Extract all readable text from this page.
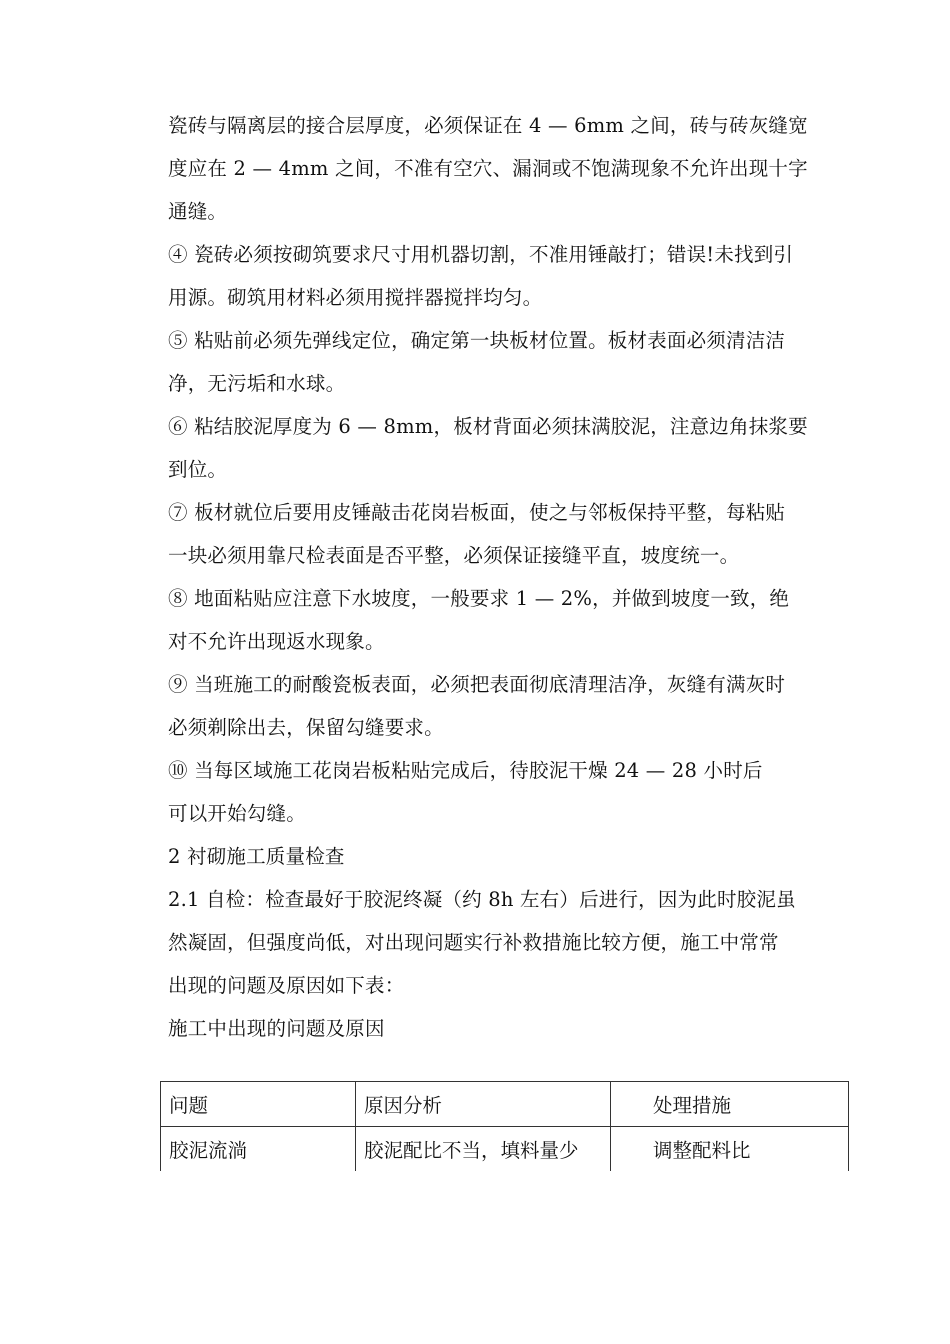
瓷砖与隔离层的接合层厚度，必须保证在 4 — 6mm 之间，砖与砖灰缝宽
度应在 2 — 4mm 之间，不准有空穴、漏洞或不饱满现象不允许出现十字
通缝。

④ 瓷砖必须按砌筑要求尺寸用机器切割，不准用锤敲打；错误!未找到引
用源。砌筑用材料必须用搅拌器搅拌均匀。

⑤ 粘贴前必须先弹线定位，确定第一块板材位置。板材表面必须清洁洁
净，无污垢和水球。

⑥ 粘结胶泥厚度为 6 — 8mm，板材背面必须抹满胶泥，注意边角抹浆要
到位。

⑦ 板材就位后要用皮锤敲击花岗岩板面，使之与邻板保持平整，每粘贴
一块必须用靠尺检表面是否平整，必须保证接缝平直，坡度统一。

⑧ 地面粘贴应注意下水坡度，一般要求 1 — 2%，并做到坡度一致，绝
对不允许出现返水现象。

⑨ 当班施工的耐酸瓷板表面，必须把表面彻底清理洁净，灰缝有满灰时
必须剃除出去，保留勾缝要求。

⑩ 当每区域施工花岗岩板粘贴完成后，待胶泥干燥 24 — 28 小时后
可以开始勾缝。

2 衬砌施工质量检查

2.1 自检：检查最好于胶泥终凝（约 8h 左右）后进行，因为此时胶泥虽
然凝固，但强度尚低，对出现问题实行补救措施比较方便，施工中常常
出现的问题及原因如下表：

施工中出现的问题及原因

问题	原因分析	处理措施
胶泥流淌	胶泥配比不当，填料量少	调整配料比
